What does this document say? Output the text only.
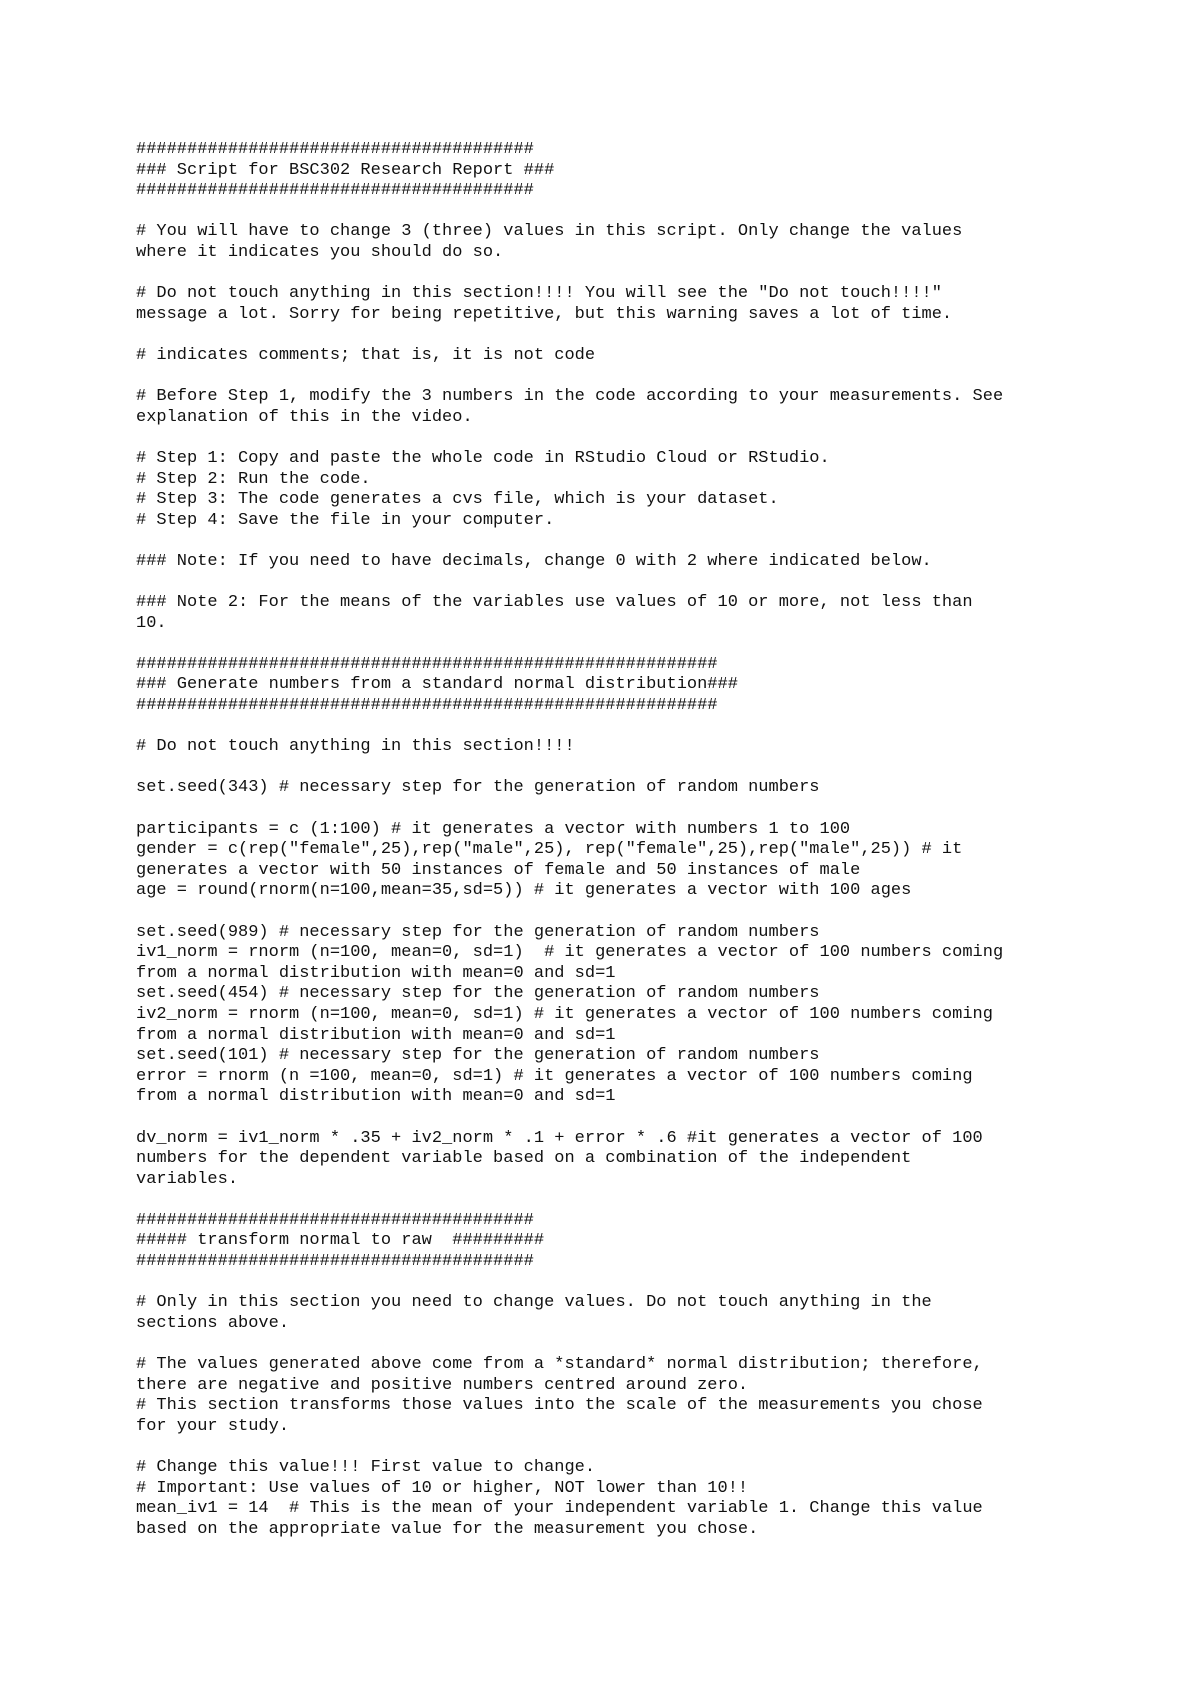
#######################################
### Script for BSC302 Research Report ###
#######################################
# You will have to change 3 (three) values in this script. Only change the values
where it indicates you should do so.
# Do not touch anything in this section!!!! You will see the "Do not touch!!!!"
message a lot. Sorry for being repetitive, but this warning saves a lot of time.
# indicates comments; that is, it is not code
# Before Step 1, modify the 3 numbers in the code according to your measurements. See
explanation of this in the video.
# Step 1: Copy and paste the whole code in RStudio Cloud or RStudio.
# Step 2: Run the code.
# Step 3: The code generates a cvs file, which is your dataset.
# Step 4: Save the file in your computer.
### Note: If you need to have decimals, change 0 with 2 where indicated below.
### Note 2: For the means of the variables use values of 10 or more, not less than
10.
#########################################################
### Generate numbers from a standard normal distribution###
#########################################################
# Do not touch anything in this section!!!!
set.seed(343) # necessary step for the generation of random numbers
participants = c (1:100) # it generates a vector with numbers 1 to 100
gender = c(rep("female",25),rep("male",25), rep("female",25),rep("male",25)) # it
generates a vector with 50 instances of female and 50 instances of male
age = round(rnorm(n=100,mean=35,sd=5)) # it generates a vector with 100 ages
set.seed(989) # necessary step for the generation of random numbers
iv1_norm = rnorm (n=100, mean=0, sd=1)  # it generates a vector of 100 numbers coming
from a normal distribution with mean=0 and sd=1
set.seed(454) # necessary step for the generation of random numbers
iv2_norm = rnorm (n=100, mean=0, sd=1) # it generates a vector of 100 numbers coming
from a normal distribution with mean=0 and sd=1
set.seed(101) # necessary step for the generation of random numbers
error = rnorm (n =100, mean=0, sd=1) # it generates a vector of 100 numbers coming
from a normal distribution with mean=0 and sd=1
dv_norm = iv1_norm * .35 + iv2_norm * .1 + error * .6 #it generates a vector of 100
numbers for the dependent variable based on a combination of the independent
variables.
#######################################
##### transform normal to raw  #########
#######################################
# Only in this section you need to change values. Do not touch anything in the
sections above.
# The values generated above come from a *standard* normal distribution; therefore,
there are negative and positive numbers centred around zero.
# This section transforms those values into the scale of the measurements you chose
for your study.
# Change this value!!! First value to change.
# Important: Use values of 10 or higher, NOT lower than 10!!
mean_iv1 = 14  # This is the mean of your independent variable 1. Change this value
based on the appropriate value for the measurement you chose.
